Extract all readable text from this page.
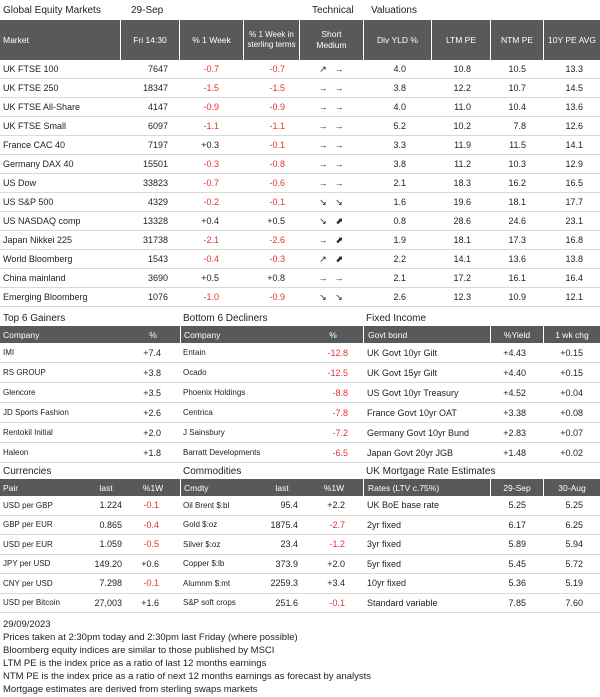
Global Equity Markets	29-Sep	Technical Valuations
Market	Fri 14:30	% 1 Week
% 1 Week in sterling terms
Short Medium	Div YLD %	LTM PE	NTM PE	10Y PE AVG
UK FTSE 100	7647	-0.7	-0.7	↗ →	4.0	10.8	10.5	13.3
UK FTSE 250	18347	-1.5	-1.5	→ →	3.8	12.2	10.7	14.5
UK FTSE All-Share	4147	-0.9	-0.9	→ →	4.0	11.0	10.4	13.6
UK FTSE Small	6097	-1.1	-1.1	→ →	5.2	10.2	7.8	12.6
France CAC 40	7197	+0.3	-0.1	→ →	3.3	11.9	11.5	14.1
Germany DAX 40	15501	-0.3	-0.8	→ →	3.8	11.2	10.3	12.9
US Dow	33823	-0.7	-0.6	→ →	2.1	18.3	16.2	16.5
US S&P 500	4329	-0.2	-0.1	↘ ↘	1.6	19.6	18.1	17.7
US NASDAQ comp	13328	+0.4	+0.5	↘ ⬈	0.8	28.6	24.6	23.1
Japan Nikkei 225	31738	-2.1	-2.6	→ ⬈	1.9	18.1	17.3	16.8
World Bloomberg	1543	-0.4	-0.3	↗ ⬈	2.2	14.1	13.6	13.8
China mainland	3690	+0.5	+0.8	→ →	2.1	17.2	16.1	16.4
Emerging Bloomberg	1076	-1.0	-0.9	↘ ↘	2.6	12.3	10.9	12.1
Top 6 Gainers	Bottom 6 Decliners	Fixed Income
Company	%	Company	%	Govt bond	%Yield	1 wk chg
IMI	+7.4	Entain	-12.8 UK Govt 10yr Gilt	+4.43	+0.15
RS GROUP	+3.8	Ocado	-12.5 UK Govt 15yr Gilt	+4.40	+0.15
Glencore	+3.5	Phoenix Holdings	-8.8 US Govt 10yr Treasury	+4.52	+0.04
JD Sports Fashion	+2.6	Centrica	-7.8 France Govt 10yr OAT	+3.38	+0.08
Rentokil Initial	+2.0	J Sainsbury	-7.2 Germany Govt 10yr Bund	+2.83	+0.07
Haleon	+1.8	Barratt Developments	-6.5 Japan Govt 20yr JGB	+1.48	+0.02
Currencies	Commodities	UK Mortgage Rate Estimates
Pair	last	%1W	Cmdty	last	%1W	Rates (LTV c.75%)	29-Sep	30-Aug
USD per GBP	1.224	-0.1	Oil Brent $:bl	95.4	+2.2 UK BoE base rate	5.25	5.25
GBP per EUR	0.865	-0.4	Gold $:oz	1875.4	-2.7 2yr fixed	6.17	6.25
USD per EUR	1.059	-0.5	Silver $:oz	23.4	-1.2 3yr fixed	5.89	5.94
JPY per USD	149.20	+0.6	Copper $:lb	373.9	+2.0 5yr fixed	5.45	5.72
CNY per USD	7.298	-0.1	Alumnm $:mt	2259.3	+3.4 10yr fixed	5.36	5.19
USD per Bitcoin	27,003	+1.6	S&P soft crops	251.6	-0.1 Standard variable	7.85	7.60
29/09/2023
Prices taken at 2:30pm today and 2:30pm last Friday (where possible)
Bloomberg equity indices are similar to those published by MSCI
LTM PE is the index price as a ratio of last 12 months earnings
NTM PE is the index price as a ratio of next 12 months earnings as forecast by analysts
Mortgage estimates are derived from sterling swaps markets
